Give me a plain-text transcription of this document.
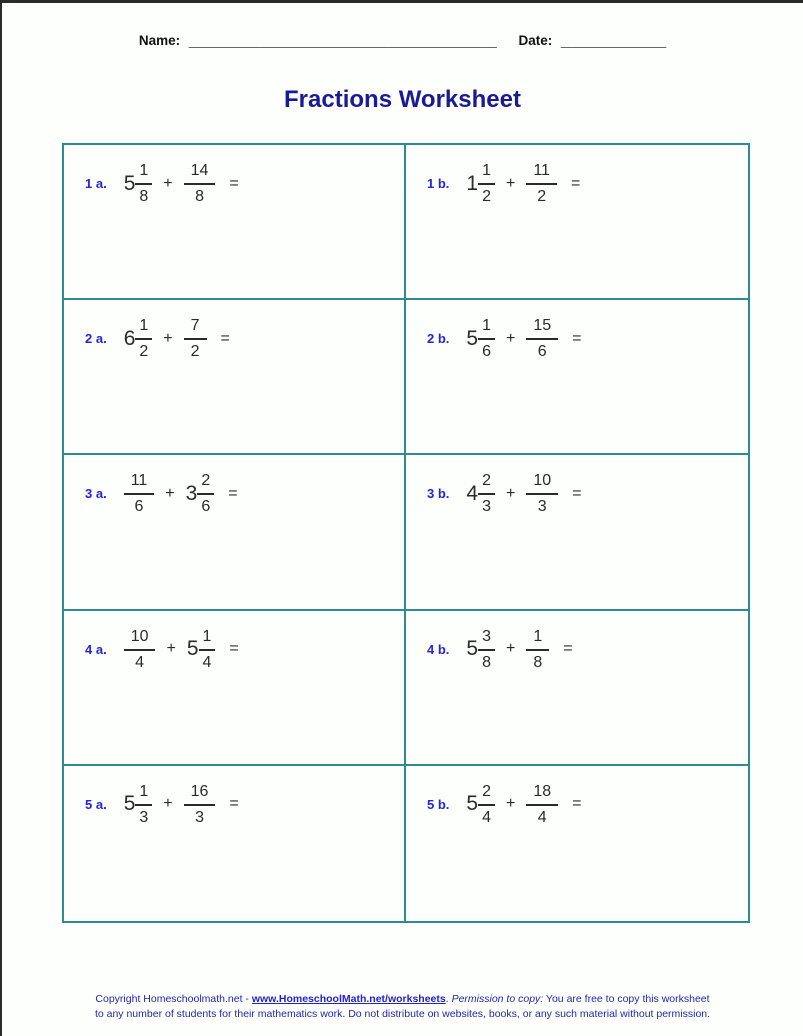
Name: _________________________________________ Date: ______________
Fractions Worksheet
1 a. $5 \frac{1}{8} + \frac{14}{8}$ =	1 b. $1 \frac{1}{2} + \frac{11}{2}$ =
2 a. $6 \frac{1}{2} + \frac{7}{2}$ =	2 b. $5 \frac{1}{6} + \frac{15}{6}$ =
3 a. $\frac{11}{6} + 3 \frac{2}{6}$ =	3 b. $4 \frac{2}{3} + \frac{10}{3}$ =
4 a. $\frac{10}{4} + 5 \frac{1}{4}$ =	4 b. $5 \frac{3}{8} + \frac{1}{8}$ =
5 a. $5 \frac{1}{3} + \frac{16}{3}$ =	5 b. $5 \frac{2}{4} + \frac{18}{4}$ =
Copyright Homeschoolmath.net - www.HomeschoolMath.net/worksheets. Permission to copy: You are free to copy this worksheet to any number of students for their mathematics work. Do not distribute on websites, books, or any such material without permission.
